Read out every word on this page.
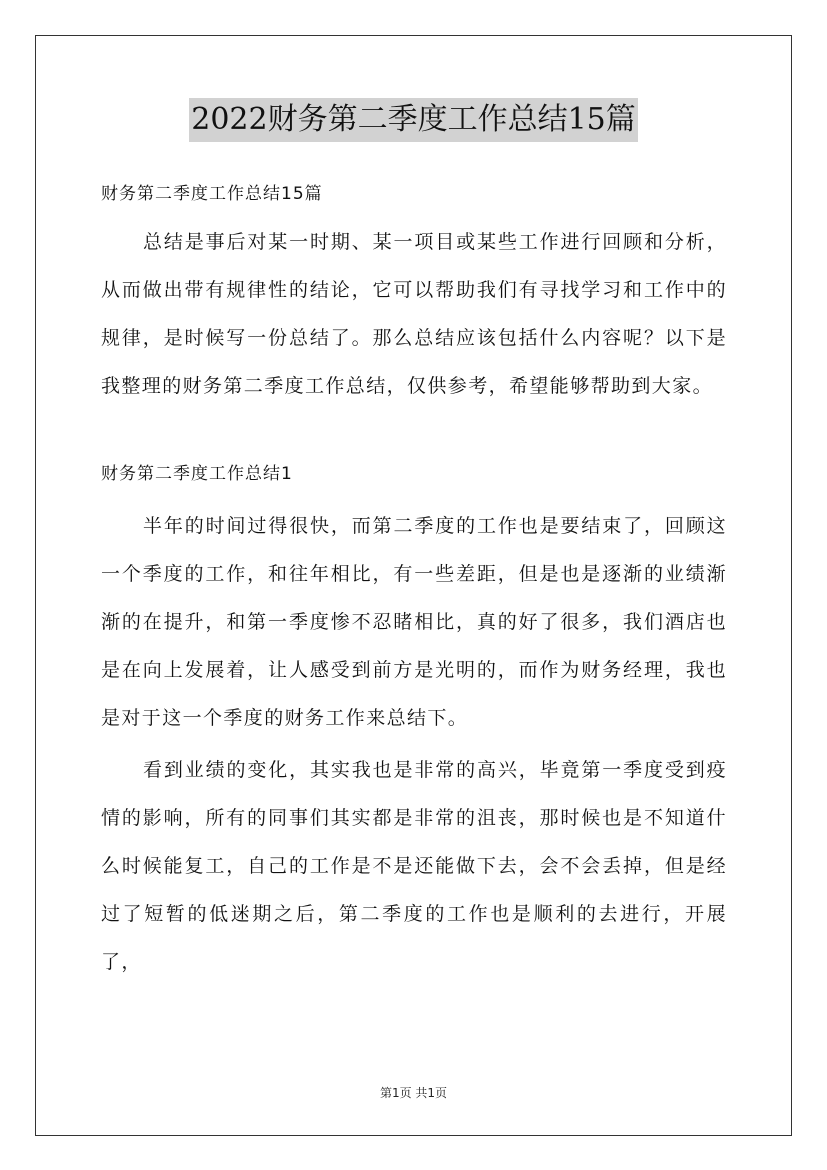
2022财务第二季度工作总结15篇

财务第二季度工作总结15篇

总结是事后对某一时期、某一项目或某些工作进行回顾和分析，从而做出带有规律性的结论，它可以帮助我们有寻找学习和工作中的规律，是时候写一份总结了。那么总结应该包括什么内容呢？以下是我整理的财务第二季度工作总结，仅供参考，希望能够帮助到大家。

财务第二季度工作总结1

半年的时间过得很快，而第二季度的工作也是要结束了，回顾这一个季度的工作，和往年相比，有一些差距，但是也是逐渐的业绩渐渐的在提升，和第一季度惨不忍睹相比，真的好了很多，我们酒店也是在向上发展着，让人感受到前方是光明的，而作为财务经理，我也是对于这一个季度的财务工作来总结下。

看到业绩的变化，其实我也是非常的高兴，毕竟第一季度受到疫情的影响，所有的同事们其实都是非常的沮丧，那时候也是不知道什么时候能复工，自己的工作是不是还能做下去，会不会丢掉，但是经过了短暂的低迷期之后，第二季度的工作也是顺利的去进行，开展了，

第1页 共1页
